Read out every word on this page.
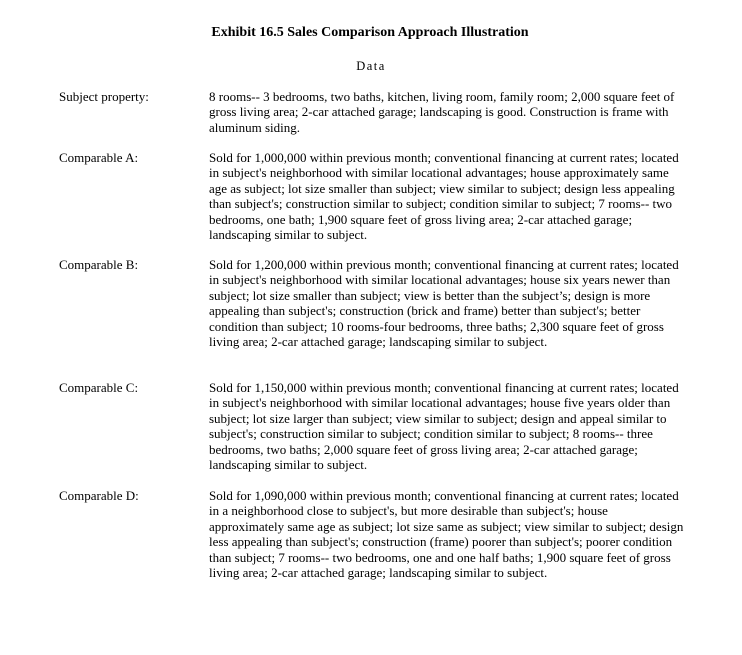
Exhibit 16.5 Sales Comparison Approach Illustration
Data
Subject property:	8 rooms-- 3 bedrooms, two baths, kitchen, living room, family room; 2,000 square feet of gross living area; 2-car attached garage; landscaping is good. Construction is frame with aluminum siding.
Comparable A:	Sold for 1,000,000 within previous month; conventional financing at current rates; located in subject's neighborhood with similar locational advantages; house approximately same age as subject; lot size smaller than subject; view similar to subject; design less appealing than subject's; construction similar to subject; condition similar to subject; 7 rooms-- two bedrooms, one bath; 1,900 square feet of gross living area; 2-car attached garage; landscaping similar to subject.
Comparable B:	Sold for 1,200,000 within previous month; conventional financing at current rates; located in subject's neighborhood with similar locational advantages; house six years newer than subject; lot size smaller than subject; view is better than the subject’s; design is more appealing than subject's; construction (brick and frame) better than subject's; better condition than subject; 10 rooms-four bedrooms, three baths; 2,300 square feet of gross living area; 2-car attached garage; landscaping similar to subject.
Comparable C:	Sold for 1,150,000 within previous month; conventional financing at current rates; located in subject's neighborhood with similar locational advantages; house five years older than subject; lot size larger than subject; view similar to subject; design and appeal similar to subject's; construction similar to subject; condition similar to subject; 8 rooms-- three bedrooms, two baths; 2,000 square feet of gross living area; 2-car attached garage; landscaping similar to subject.
Comparable D:	Sold for 1,090,000 within previous month; conventional financing at current rates; located in a neighborhood close to subject's, but more desirable than subject's; house approximately same age as subject; lot size same as subject; view similar to subject; design less appealing than subject's; construction (frame) poorer than subject's; poorer condition than subject; 7 rooms-- two bedrooms, one and one half baths; 1,900 square feet of gross living area; 2-car attached garage; landscaping similar to subject.
